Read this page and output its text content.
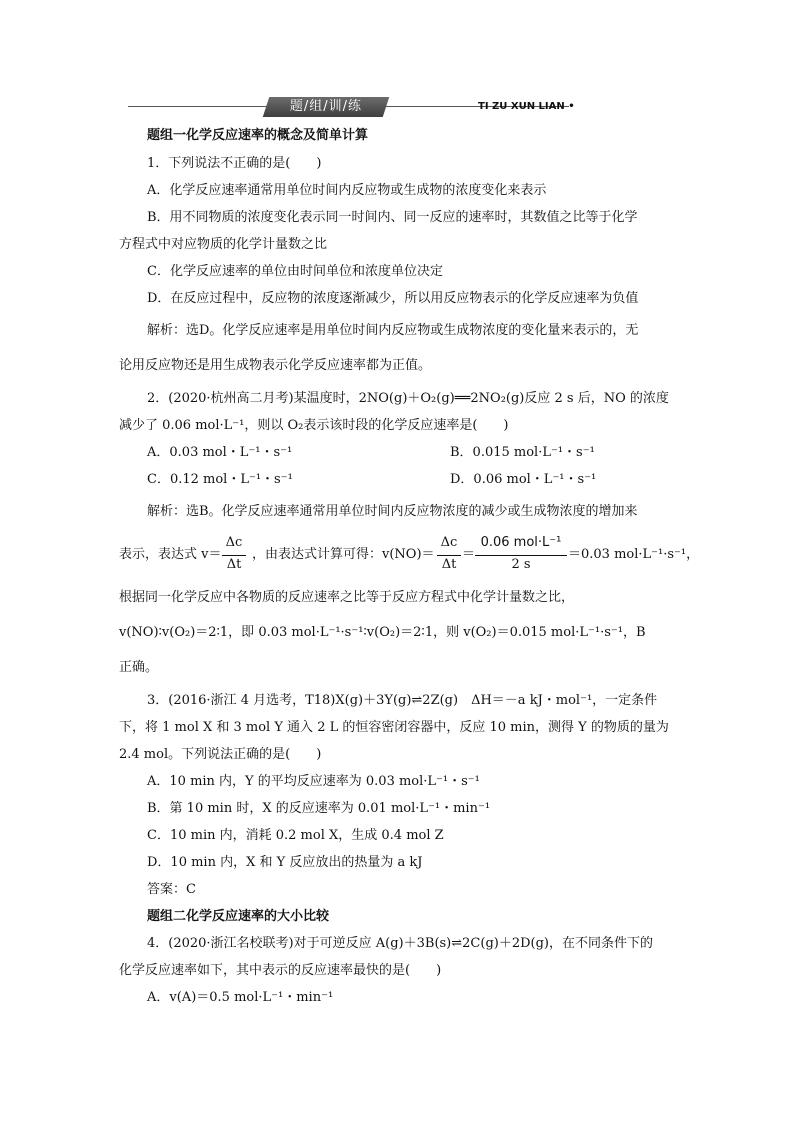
题/组/训/练	TI ZU XUN LIAN •
题组一化学反应速率的概念及简单计算
1．下列说法不正确的是(　　)
A．化学反应速率通常用单位时间内反应物或生成物的浓度变化来表示
B．用不同物质的浓度变化表示同一时间内、同一反应的速率时，其数值之比等于化学
方程式中对应物质的化学计量数之比
C．化学反应速率的单位由时间单位和浓度单位决定
D．在反应过程中，反应物的浓度逐渐减少，所以用反应物表示的化学反应速率为负值
解析：选D。化学反应速率是用单位时间内反应物或生成物浓度的变化量来表示的，无
论用反应物还是用生成物表示化学反应速率都为正值。
2．(2020·杭州高二月考)某温度时，2NO(g)＋O₂(g)══2NO₂(g)反应 2 s 后，NO 的浓度
减少了 0.06 mol·L⁻¹，则以 O₂表示该时段的化学反应速率是(　　)
A．0.03 mol・L⁻¹・s⁻¹	B．0.015 mol·L⁻¹・s⁻¹
C．0.12 mol・L⁻¹・s⁻¹	D．0.06 mol・L⁻¹・s⁻¹
解析：选B。化学反应速率通常用单位时间内反应物浓度的减少或生成物浓度的增加来
表示，表达式 v＝
Δc
Δt
，由表达式计算可得：v(NO)＝
Δc
Δt
＝
0.06 mol·L⁻¹
2 s
＝0.03 mol·L⁻¹·s⁻¹，
根据同一化学反应中各物质的反应速率之比等于反应方程式中化学计量数之比，
v(NO)∶v(O₂)＝2∶1，即 0.03 mol·L⁻¹·s⁻¹∶v(O₂)＝2∶1，则 v(O₂)＝0.015 mol·L⁻¹·s⁻¹，B
正确。
3．(2016·浙江 4 月选考，T18)X(g)＋3Y(g)⇌2Z(g)　ΔH＝－a kJ・mol⁻¹，一定条件
下，将 1 mol X 和 3 mol Y 通入 2 L 的恒容密闭容器中，反应 10 min，测得 Y 的物质的量为
2.4 mol。下列说法正确的是(　　)
A．10 min 内，Y 的平均反应速率为 0.03 mol·L⁻¹・s⁻¹
B．第 10 min 时，X 的反应速率为 0.01 mol·L⁻¹・min⁻¹
C．10 min 内，消耗 0.2 mol X，生成 0.4 mol Z
D．10 min 内，X 和 Y 反应放出的热量为 a kJ
答案：C
题组二化学反应速率的大小比较
4．(2020·浙江名校联考)对于可逆反应 A(g)＋3B(s)⇌2C(g)＋2D(g)，在不同条件下的
化学反应速率如下，其中表示的反应速率最快的是(　　)
A．v(A)＝0.5 mol·L⁻¹・min⁻¹
